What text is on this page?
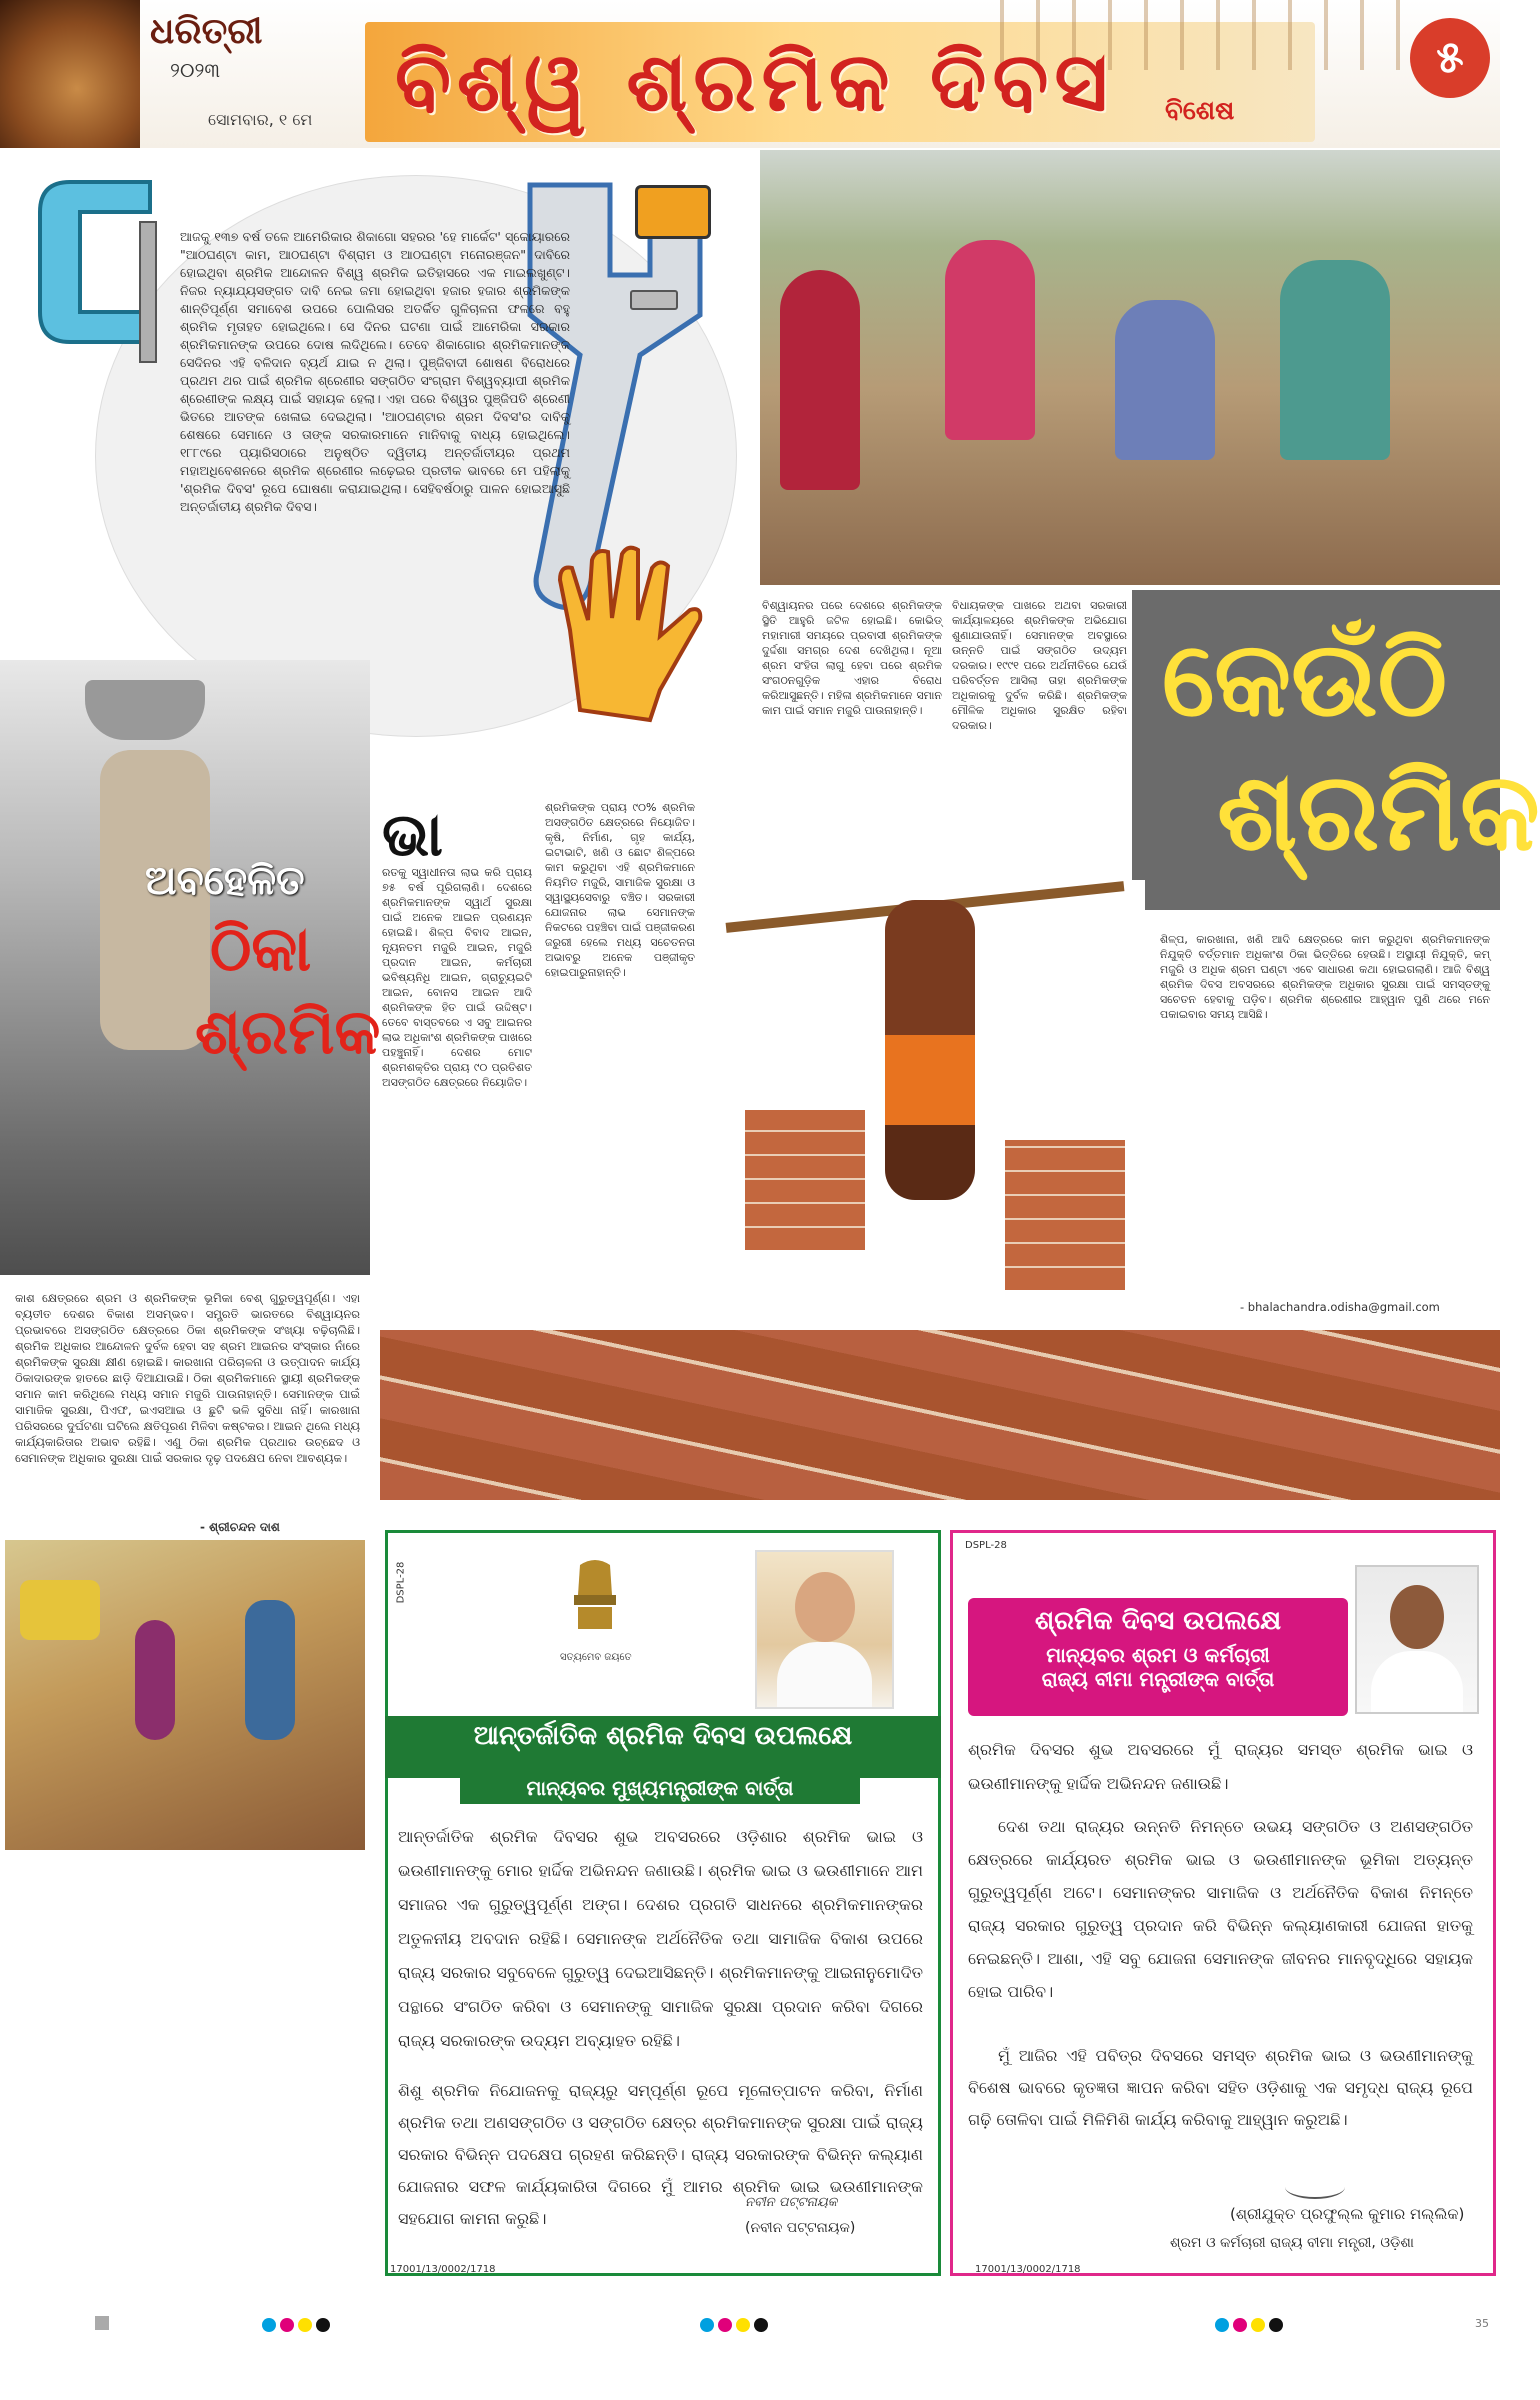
ଧରିତ୍ରୀ
୨୦୨୩
ସୋମବାର, ୧ ମେ ବିଶ୍ୱ ଶ୍ରମିକ ଦିବସ ବିଶେଷ
୫
ଆଜକୁ ୧୩୭ ବର୍ଷ ତଳେ ଆମେରିକାର ଶିକାଗୋ ସହରର 'ହେ ମାର୍କେଟ' ସ୍କୋୟାରରେ "ଆଠଘଣ୍ଟା କାମ, ଆଠଘଣ୍ଟା ବିଶ୍ରାମ ଓ ଆଠଘଣ୍ଟା ମନୋରଞ୍ଜନ" ଦାବିରେ ହୋଇଥିବା ଶ୍ରମିକ ଆନ୍ଦୋଳନ ବିଶ୍ୱ ଶ୍ରମିକ ଇତିହାସରେ ଏକ ମାଇଲଖୁଣ୍ଟ। ନିଜର ନ୍ୟାଯ୍ୟସଙ୍ଗତ ଦାବି ନେଇ ଜମା ହୋଇଥିବା ହଜାର ହଜାର ଶ୍ରମିକଙ୍କ ଶାନ୍ତିପୂର୍ଣ୍ଣ ସମାବେଶ ଉପରେ ପୋଲିସର ଅତର୍କିତ ଗୁଳିଚାଳନା ଫଳରେ ବହୁ ଶ୍ରମିକ ମୃତାହତ ହୋଇଥିଲେ। ସେ ଦିନର ଘଟଣା ପାଇଁ ଆମେରିକା ସରକାର ଶ୍ରମିକମାନଙ୍କ ଉପରେ ଦୋଷ ଲଦିଥିଲେ। ତେବେ ଶିକାଗୋର ଶ୍ରମିକମାନଙ୍କ ସେଦିନର ଏହି ବଳିଦାନ ବ୍ୟର୍ଥ ଯାଇ ନ ଥିଲା। ପୁଞ୍ଜିବାଦୀ ଶୋଷଣ ବିରୋଧରେ ପ୍ରଥମ ଥର ପାଇଁ ଶ୍ରମିକ ଶ୍ରେଣୀର ସଙ୍ଗଠିତ ସଂଗ୍ରାମ ବିଶ୍ୱବ୍ୟାପୀ ଶ୍ରମିକ ଶ୍ରେଣୀଙ୍କ ଲକ୍ଷ୍ୟ ପାଇଁ ସହାୟକ ହେଲା। ଏହା ପରେ ବିଶ୍ୱର ପୁଞ୍ଜିପତି ଶ୍ରେଣୀ ଭିତରେ ଆତଙ୍କ ଖେଳାଇ ଦେଇଥିଲା। 'ଆଠଘଣ୍ଟାର ଶ୍ରମ ଦିବସ'ର ଦାବିକୁ ଶେଷରେ ସେମାନେ ଓ ତାଙ୍କ ସରକାରମାନେ ମାନିବାକୁ ବାଧ୍ୟ ହୋଇଥିଲେ। ୧୮୮୯ରେ ପ୍ୟାରିସଠାରେ ଅନୁଷ୍ଠିତ ଦ୍ୱିତୀୟ ଅନ୍ତର୍ଜାତୀୟର ପ୍ରଥମ ମହାଅଧିବେଶନରେ ଶ୍ରମିକ ଶ୍ରେଣୀର ଲଢ଼େଇର ପ୍ରତୀକ ଭାବରେ ମେ ପହିଲାକୁ 'ଶ୍ରମିକ ଦିବସ' ରୂପେ ଘୋଷଣା କରାଯାଇଥିଲା। ସେହିବର୍ଷଠାରୁ ପାଳନ ହୋଇଆସୁଛି ଅନ୍ତର୍ଜାତୀୟ ଶ୍ରମିକ ଦିବସ।
ଅବହେଳିତ
ଠିକା
ଶ୍ରମିକ
କାଶ କ୍ଷେତ୍ରରେ ଶ୍ରମ ଓ ଶ୍ରମିକଙ୍କ ଭୂମିକା ବେଶ୍ ଗୁରୁତ୍ୱପୂର୍ଣ୍ଣ। ଏହା ବ୍ୟତୀତ ଦେଶର ବିକାଶ ଅସମ୍ଭବ। ସମ୍ପ୍ରତି ଭାରତରେ ବିଶ୍ୱାୟନର ପ୍ରଭାବରେ ଅସଙ୍ଗଠିତ କ୍ଷେତ୍ରରେ ଠିକା ଶ୍ରମିକଙ୍କ ସଂଖ୍ୟା ବଢ଼ିଚାଲିଛି। ଶ୍ରମିକ ଅଧିକାର ଆନ୍ଦୋଳନ ଦୁର୍ବଳ ହେବା ସହ ଶ୍ରମ ଆଇନର ସଂସ୍କାର ନାଁରେ ଶ୍ରମିକଙ୍କ ସୁରକ୍ଷା କ୍ଷୀଣ ହୋଇଛି। କାରଖାନା ପରିଚାଳନା ଓ ଉତ୍ପାଦନ କାର୍ଯ୍ୟ ଠିକାଦାରଙ୍କ ହାତରେ ଛାଡ଼ି ଦିଆଯାଉଛି। ଠିକା ଶ୍ରମିକମାନେ ସ୍ଥାୟୀ ଶ୍ରମିକଙ୍କ ସମାନ କାମ କରିଥିଲେ ମଧ୍ୟ ସମାନ ମଜୁରି ପାଉନାହାନ୍ତି। ସେମାନଙ୍କ ପାଇଁ ସାମାଜିକ ସୁରକ୍ଷା, ପିଏଫ, ଇଏସଆଇ ଓ ଛୁଟି ଭଳି ସୁବିଧା ନାହିଁ। କାରଖାନା ପରିସରରେ ଦୁର୍ଘଟଣା ଘଟିଲେ କ୍ଷତିପୂରଣ ମିଳିବା କଷ୍ଟକର। ଆଇନ ଥିଲେ ମଧ୍ୟ କାର୍ଯ୍ୟକାରିତାର ଅଭାବ ରହିଛି। ଏଣୁ ଠିକା ଶ୍ରମିକ ପ୍ରଥାର ଉଚ୍ଛେଦ ଓ ସେମାନଙ୍କ ଅଧିକାର ସୁରକ୍ଷା ପାଇଁ ସରକାର ଦୃଢ଼ ପଦକ୍ଷେପ ନେବା ଆବଶ୍ୟକ।
- ଶ୍ରୀଚନ୍ଦନ ଦାଶ
କେଉଁଠି
ଶ୍ରମିକ
ଭା
ରତକୁ ସ୍ୱାଧୀନତା ଲାଭ କରି ପ୍ରାୟ ୭୫ ବର୍ଷ ପୂରିଗଲାଣି। ଦେଶରେ ଶ୍ରମିକମାନଙ୍କ ସ୍ୱାର୍ଥ ସୁରକ୍ଷା ପାଇଁ ଅନେକ ଆଇନ ପ୍ରଣୟନ ହୋଇଛି। ଶିଳ୍ପ ବିବାଦ ଆଇନ, ନ୍ୟୂନତମ ମଜୁରି ଆଇନ, ମଜୁରି ପ୍ରଦାନ ଆଇନ, କର୍ମଚାରୀ ଭବିଷ୍ୟନିଧି ଆଇନ, ଗ୍ରାଚ୍ୟୁଇଟି ଆଇନ, ବୋନସ ଆଇନ ଆଦି ଶ୍ରମିକଙ୍କ ହିତ ପାଇଁ ଉଦ୍ଦିଷ୍ଟ। ତେବେ ବାସ୍ତବରେ ଏ ସବୁ ଆଇନର ଲାଭ ଅଧିକାଂଶ ଶ୍ରମିକଙ୍କ ପାଖରେ ପହଞ୍ଚୁନାହିଁ। ଦେଶର ମୋଟ ଶ୍ରମଶକ୍ତିର ପ୍ରାୟ ୯୦ ପ୍ରତିଶତ ଅସଙ୍ଗଠିତ କ୍ଷେତ୍ରରେ ନିୟୋଜିତ।
ଶ୍ରମିକଙ୍କ ପ୍ରାୟ ୯୦% ଶ୍ରମିକ ଅସଙ୍ଗଠିତ କ୍ଷେତ୍ରରେ ନିୟୋଜିତ। କୃଷି, ନିର୍ମାଣ, ଗୃହ କାର୍ଯ୍ୟ, ଇଟାଭାଟି, ଖଣି ଓ ଛୋଟ ଶିଳ୍ପରେ କାମ କରୁଥିବା ଏହି ଶ୍ରମିକମାନେ ନିୟମିତ ମଜୁରି, ସାମାଜିକ ସୁରକ୍ଷା ଓ ସ୍ୱାସ୍ଥ୍ୟସେବାରୁ ବଞ୍ଚିତ। ସରକାରୀ ଯୋଜନାର ଲାଭ ସେମାନଙ୍କ ନିକଟରେ ପହଞ୍ଚିବା ପାଇଁ ପଞ୍ଜୀକରଣ ଜରୁରୀ ହେଲେ ମଧ୍ୟ ସଚେତନତା ଅଭାବରୁ ଅନେକ ପଞ୍ଜୀକୃତ ହୋଇପାରୁନାହାନ୍ତି।
ବିଶ୍ୱାୟନର ପରେ ଦେଶରେ ଶ୍ରମିକଙ୍କ ସ୍ଥିତି ଆହୁରି ଜଟିଳ ହୋଇଛି। କୋଭିଡ୍ ମହାମାରୀ ସମୟରେ ପ୍ରବାସୀ ଶ୍ରମିକଙ୍କ ଦୁର୍ଦ୍ଦଶା ସମଗ୍ର ଦେଶ ଦେଖିଥିଲା। ନୂଆ ଶ୍ରମ ସଂହିତା ଲାଗୁ ହେବା ପରେ ଶ୍ରମିକ ସଂଗଠନଗୁଡ଼ିକ ଏହାର ବିରୋଧ କରିଆସୁଛନ୍ତି। ମହିଳା ଶ୍ରମିକମାନେ ସମାନ କାମ ପାଇଁ ସମାନ ମଜୁରି ପାଉନାହାନ୍ତି।
ବିଧାୟକଙ୍କ ପାଖରେ ଅଥବା ସରକାରୀ କାର୍ଯ୍ୟାଳୟରେ ଶ୍ରମିକଙ୍କ ଅଭିଯୋଗ ଶୁଣାଯାଉନାହିଁ। ସେମାନଙ୍କ ଅବସ୍ଥାରେ ଉନ୍ନତି ପାଇଁ ସଙ୍ଗଠିତ ଉଦ୍ୟମ ଦରକାର। ୧୯୯୧ ପରେ ଅର୍ଥନୀତିରେ ଯେଉଁ ପରିବର୍ତ୍ତନ ଆସିଲା ତାହା ଶ୍ରମିକଙ୍କ ଅଧିକାରକୁ ଦୁର୍ବଳ କରିଛି। ଶ୍ରମିକଙ୍କ ମୌଳିକ ଅଧିକାର ସୁରକ୍ଷିତ ରହିବା ଦରକାର।
ଶିଳ୍ପ, କାରଖାନା, ଖଣି ଆଦି କ୍ଷେତ୍ରରେ କାମ କରୁଥିବା ଶ୍ରମିକମାନଙ୍କ ନିଯୁକ୍ତି ବର୍ତ୍ତମାନ ଅଧିକାଂଶ ଠିକା ଭିତ୍ତିରେ ହେଉଛି। ଅସ୍ଥାୟୀ ନିଯୁକ୍ତି, କମ୍ ମଜୁରି ଓ ଅଧିକ ଶ୍ରମ ଘଣ୍ଟା ଏବେ ସାଧାରଣ କଥା ହୋଇଗଲାଣି। ଆଜି ବିଶ୍ୱ ଶ୍ରମିକ ଦିବସ ଅବସରରେ ଶ୍ରମିକଙ୍କ ଅଧିକାର ସୁରକ୍ଷା ପାଇଁ ସମସ୍ତଙ୍କୁ ସଚେତନ ହେବାକୁ ପଡ଼ିବ। ଶ୍ରମିକ ଶ୍ରେଣୀର ଆହ୍ୱାନ ପୁଣି ଥରେ ମନେ ପକାଇବାର ସମୟ ଆସିଛି।
- bhalachandra.odisha@gmail.com
DSPL-28
ସତ୍ୟମେବ ଜୟତେ
ଆନ୍ତର୍ଜାତିକ ଶ୍ରମିକ ଦିବସ ଉପଲକ୍ଷେ
ମାନ୍ୟବର ମୁଖ୍ୟମନ୍ତ୍ରୀଙ୍କ ବାର୍ତ୍ତା
ଆନ୍ତର୍ଜାତିକ ଶ୍ରମିକ ଦିବସର ଶୁଭ ଅବସରରେ ଓଡ଼ିଶାର ଶ୍ରମିକ ଭାଇ ଓ ଭଉଣୀମାନଙ୍କୁ ମୋର ହାର୍ଦ୍ଦିକ ଅଭିନନ୍ଦନ ଜଣାଉଛି। ଶ୍ରମିକ ଭାଇ ଓ ଭଉଣୀମାନେ ଆମ ସମାଜର ଏକ ଗୁରୁତ୍ୱପୂର୍ଣ୍ଣ ଅଙ୍ଗ। ଦେଶର ପ୍ରଗତି ସାଧନରେ ଶ୍ରମିକମାନଙ୍କର ଅତୁଳନୀୟ ଅବଦାନ ରହିଛି। ସେମାନଙ୍କ ଅର୍ଥନୈତିକ ତଥା ସାମାଜିକ ବିକାଶ ଉପରେ ରାଜ୍ୟ ସରକାର ସବୁବେଳେ ଗୁରୁତ୍ୱ ଦେଇଆସିଛନ୍ତି। ଶ୍ରମିକମାନଙ୍କୁ ଆଇନାନୁମୋଦିତ ପନ୍ଥାରେ ସଂଗଠିତ କରିବା ଓ ସେମାନଙ୍କୁ ସାମାଜିକ ସୁରକ୍ଷା ପ୍ରଦାନ କରିବା ଦିଗରେ ରାଜ୍ୟ ସରକାରଙ୍କ ଉଦ୍ୟମ ଅବ୍ୟାହତ ରହିଛି।
ଶିଶୁ ଶ୍ରମିକ ନିଯୋଜନକୁ ରାଜ୍ୟରୁ ସମ୍ପୂର୍ଣ୍ଣ ରୂପେ ମୂଳୋତ୍ପାଟନ କରିବା, ନିର୍ମାଣ ଶ୍ରମିକ ତଥା ଅଣସଙ୍ଗଠିତ ଓ ସଙ୍ଗଠିତ କ୍ଷେତ୍ର ଶ୍ରମିକମାନଙ୍କ ସୁରକ୍ଷା ପାଇଁ ରାଜ୍ୟ ସରକାର ବିଭିନ୍ନ ପଦକ୍ଷେପ ଗ୍ରହଣ କରିଛନ୍ତି। ରାଜ୍ୟ ସରକାରଙ୍କ ବିଭିନ୍ନ କଲ୍ୟାଣ ଯୋଜନାର ସଫଳ କାର୍ଯ୍ୟକାରିତା ଦିଗରେ ମୁଁ ଆମର ଶ୍ରମିକ ଭାଇ ଭଉଣୀମାନଙ୍କ ସହଯୋଗ କାମନା କରୁଛି।
ନବୀନ ପଟ୍ଟନାୟକ
(ନବୀନ ପଟ୍ଟନାୟକ)
17001/13/0002/1718
DSPL-28
ଶ୍ରମିକ ଦିବସ ଉପଲକ୍ଷେ
ମାନ୍ୟବର ଶ୍ରମ ଓ କର୍ମଚାରୀ
ରାଜ୍ୟ ବୀମା ମନ୍ତ୍ରୀଙ୍କ ବାର୍ତ୍ତା
ଶ୍ରମିକ ଦିବସର ଶୁଭ ଅବସରରେ ମୁଁ ରାଜ୍ୟର ସମସ୍ତ ଶ୍ରମିକ ଭାଇ ଓ ଭଉଣୀମାନଙ୍କୁ ହାର୍ଦ୍ଦିକ ଅଭିନନ୍ଦନ ଜଣାଉଛି।
ଦେଶ ତଥା ରାଜ୍ୟର ଉନ୍ନତି ନିମନ୍ତେ ଉଭୟ ସଙ୍ଗଠିତ ଓ ଅଣସଙ୍ଗଠିତ କ୍ଷେତ୍ରରେ କାର୍ଯ୍ୟରତ ଶ୍ରମିକ ଭାଇ ଓ ଭଉଣୀମାନଙ୍କ ଭୂମିକା ଅତ୍ୟନ୍ତ ଗୁରୁତ୍ୱପୂର୍ଣ୍ଣ ଅଟେ। ସେମାନଙ୍କର ସାମାଜିକ ଓ ଅର୍ଥନୈତିକ ବିକାଶ ନିମନ୍ତେ ରାଜ୍ୟ ସରକାର ଗୁରୁତ୍ୱ ପ୍ରଦାନ କରି ବିଭିନ୍ନ କଲ୍ୟାଣକାରୀ ଯୋଜନା ହାତକୁ ନେଇଛନ୍ତି। ଆଶା, ଏହି ସବୁ ଯୋଜନା ସେମାନଙ୍କ ଜୀବନର ମାନବୃଦ୍ଧିରେ ସହାୟକ ହୋଇ ପାରିବ।
ମୁଁ ଆଜିର ଏହି ପବିତ୍ର ଦିବସରେ ସମସ୍ତ ଶ୍ରମିକ ଭାଇ ଓ ଭଉଣୀମାନଙ୍କୁ ବିଶେଷ ଭାବରେ କୃତଜ୍ଞତା ଜ୍ଞାପନ କରିବା ସହିତ ଓଡ଼ିଶାକୁ ଏକ ସମୃଦ୍ଧ ରାଜ୍ୟ ରୂପେ ଗଢ଼ି ତୋଳିବା ପାଇଁ ମିଳିମିଶି କାର୍ଯ୍ୟ କରିବାକୁ ଆହ୍ୱାନ କରୁଅଛି।
(ଶ୍ରୀଯୁକ୍ତ ପ୍ରଫୁଲ୍ଲ କୁମାର ମଲ୍ଲିକ)
ଶ୍ରମ ଓ କର୍ମଚାରୀ ରାଜ୍ୟ ବୀମା ମନ୍ତ୍ରୀ, ଓଡ଼ିଶା
17001/13/0002/1718
35
